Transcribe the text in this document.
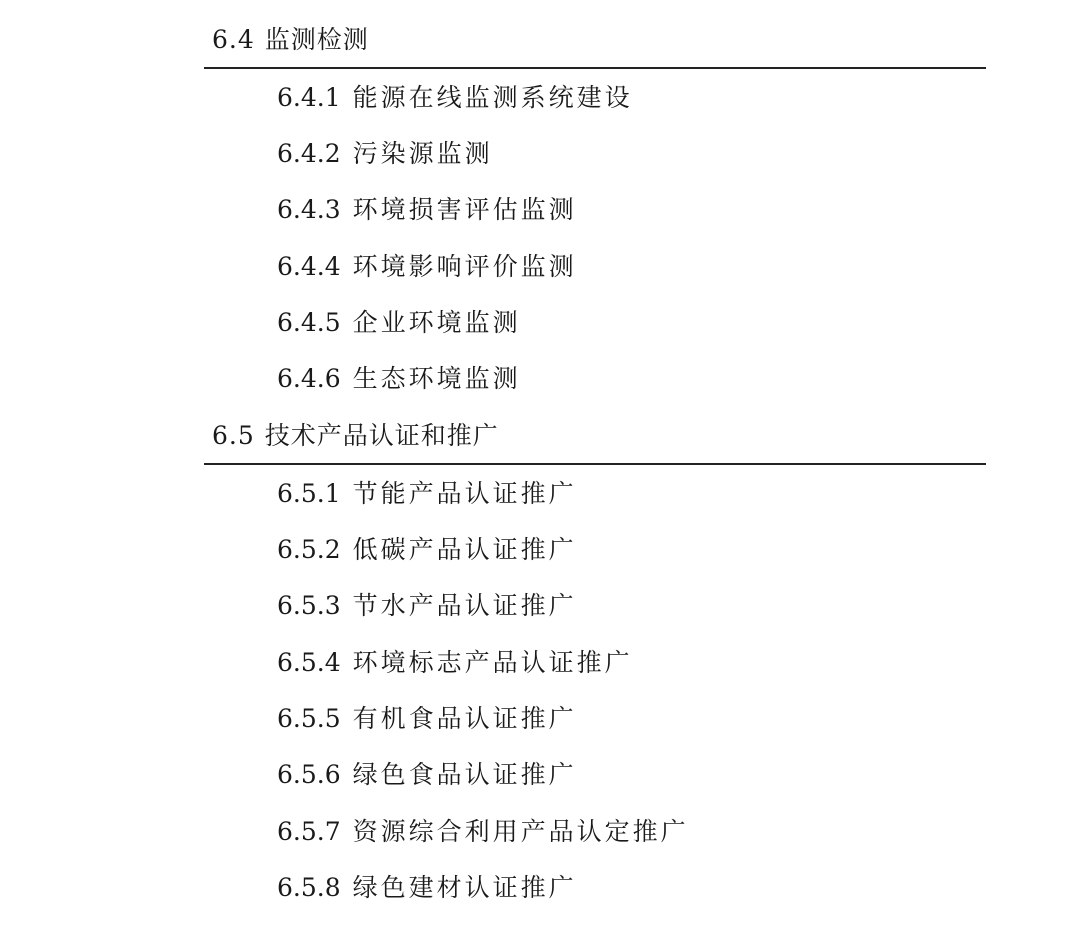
6.4 监测检测
6.4.1 能源在线监测系统建设
6.4.2 污染源监测
6.4.3 环境损害评估监测
6.4.4 环境影响评价监测
6.4.5 企业环境监测
6.4.6 生态环境监测
6.5 技术产品认证和推广
6.5.1 节能产品认证推广
6.5.2 低碳产品认证推广
6.5.3 节水产品认证推广
6.5.4 环境标志产品认证推广
6.5.5 有机食品认证推广
6.5.6 绿色食品认证推广
6.5.7 资源综合利用产品认定推广
6.5.8 绿色建材认证推广
